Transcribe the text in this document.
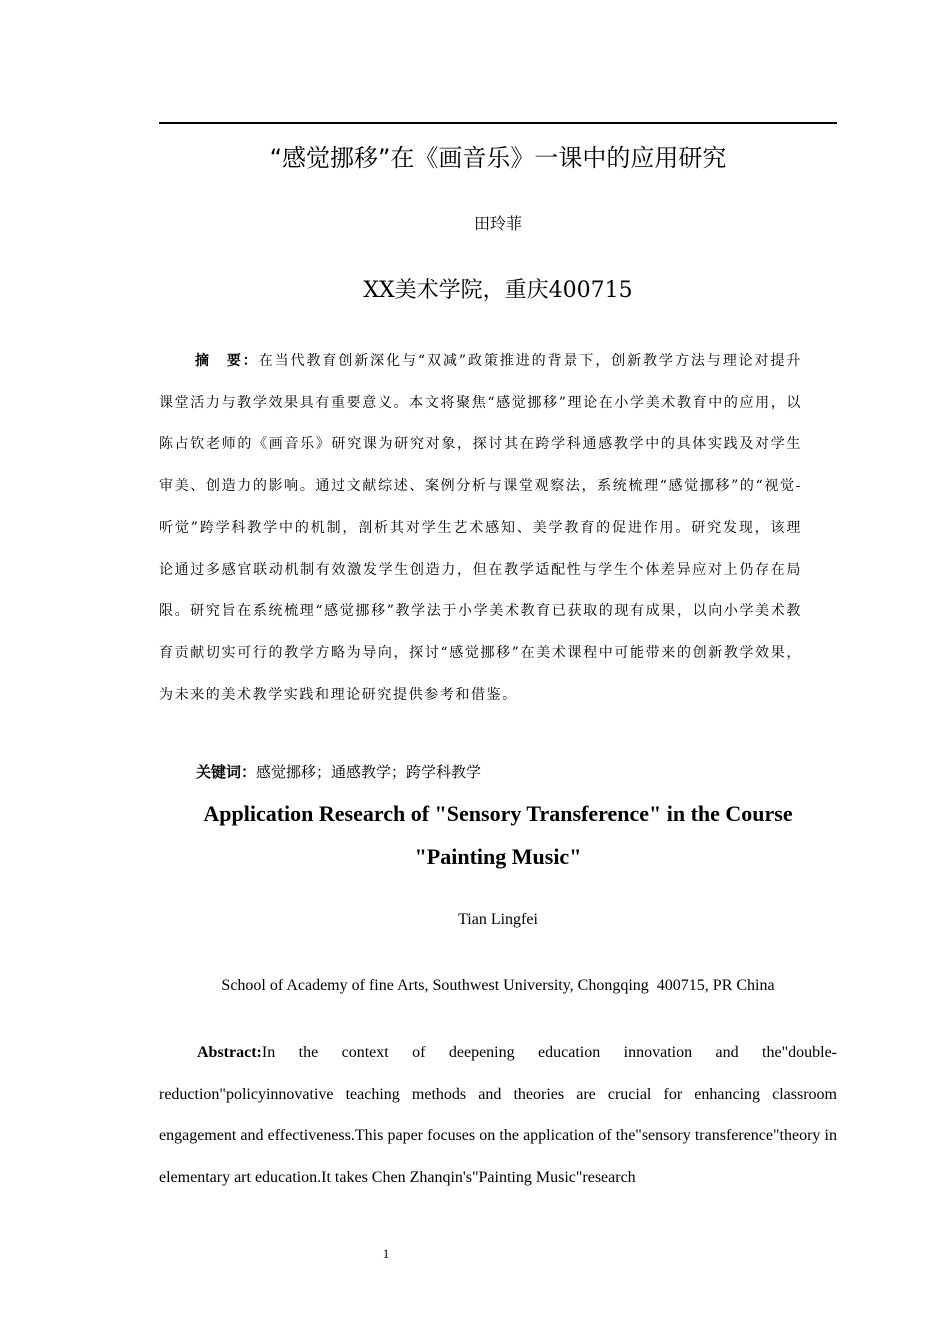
“感觉挪移”在《画音乐》一课中的应用研究
田玲菲
XX美术学院，重庆400715

摘　要：在当代教育创新深化与“双减”政策推进的背景下，创新教学方法与理论对提升课堂活力与教学效果具有重要意义。本文将聚焦“感觉挪移”理论在小学美术教育中的应用，以陈占钦老师的《画音乐》研究课为研究对象，探讨其在跨学科通感教学中的具体实践及对学生审美、创造力的影响。通过文献综述、案例分析与课堂观察法，系统梳理“感觉挪移”的“视觉-听觉”跨学科教学中的机制，剖析其对学生艺术感知、美学教育的促进作用。研究发现，该理论通过多感官联动机制有效激发学生创造力，但在教学适配性与学生个体差异应对上仍存在局限。研究旨在系统梳理“感觉挪移”教学法于小学美术教育已获取的现有成果，以向小学美术教育贡献切实可行的教学方略为导向，探讨“感觉挪移”在美术课程中可能带来的创新教学效果，为未来的美术教学实践和理论研究提供参考和借鉴。

关键词：感觉挪移；通感教学；跨学科教学

Application Research of "Sensory Transference" in the Course "Painting Music"

Tian Lingfei
School of Academy of fine Arts, Southwest University, Chongqing  400715, PR China

Abstract:In the context of deepening education innovation and the"double-reduction"policyinnovative teaching methods and theories are crucial for enhancing classroom engagement and effectiveness.This paper focuses on the application of the"sensory transference"theory in elementary art education.It takes Chen Zhanqin's"Painting Music"research

1
